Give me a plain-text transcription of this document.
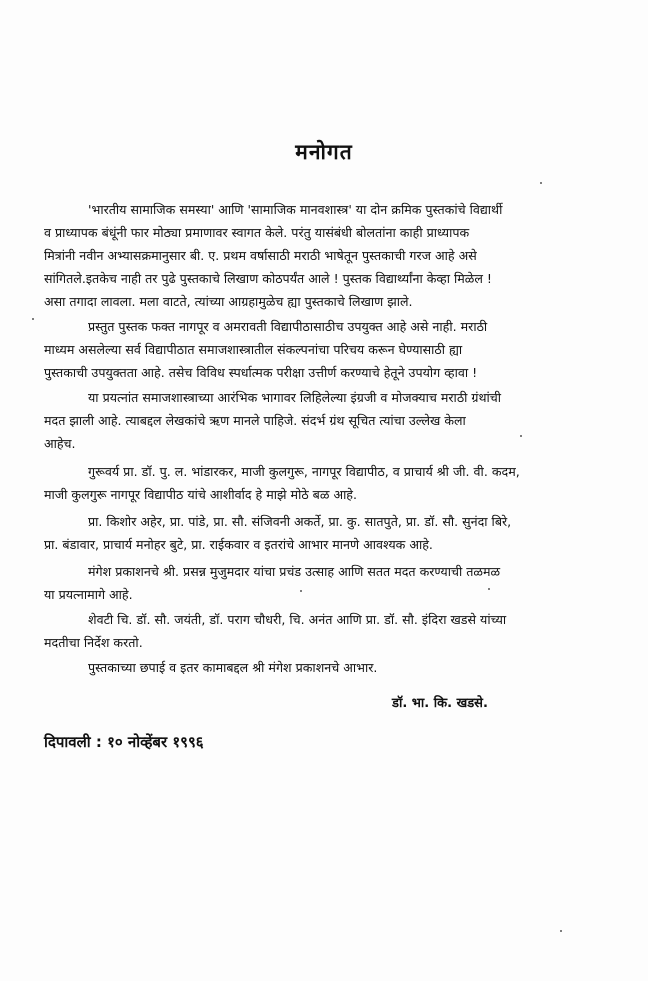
मनोगत
'भारतीय सामाजिक समस्या' आणि 'सामाजिक मानवशास्त्र' या दोन क्रमिक पुस्तकांचे विद्यार्थी
व प्राध्यापक बंधूंनी फार मोठ्या प्रमाणावर स्वागत केले. परंतु यासंबंधी बोलतांना काही प्राध्यापक
मित्रांनी नवीन अभ्यासक्रमानुसार बी. ए. प्रथम वर्षासाठी मराठी भाषेतून पुस्तकाची गरज आहे असे
सांगितले.इतकेच नाही तर पुढे पुस्तकाचे लिखाण कोठपर्यंत आले ! पुस्तक विद्यार्थ्यांना केव्हा मिळेल !
असा तगादा लावला. मला वाटते, त्यांच्या आग्रहामुळेच ह्या पुस्तकाचे लिखाण झाले.
प्रस्तुत पुस्तक फक्त नागपूर व अमरावती विद्यापीठासाठीच उपयुक्त आहे असे नाही. मराठी
माध्यम असलेल्या सर्व विद्यापीठात समाजशास्त्रातील संकल्पनांचा परिचय करून घेण्यासाठी ह्या
पुस्तकाची उपयुक्तता आहे. तसेच विविध स्पर्धात्मक परीक्षा उत्तीर्ण करण्याचे हेतूने उपयोग व्हावा !
या प्रयत्नांत समाजशास्त्राच्या आरंभिक भागावर लिहिलेल्या इंग्रजी व मोजक्याच मराठी ग्रंथांची
मदत झाली आहे. त्याबद्दल लेखकांचे ऋण मानले पाहिजे. संदर्भ ग्रंथ सूचित त्यांचा उल्लेख केला
आहेच.
गुरूवर्य प्रा. डॉ. पु. ल. भांडारकर, माजी कुलगुरू, नागपूर विद्यापीठ, व प्राचार्य श्री जी. वी. कदम,
माजी कुलगुरू नागपूर विद्यापीठ यांचे आशीर्वाद हे माझे मोठे बळ आहे.
प्रा. किशोर अहेर, प्रा. पांडे, प्रा. सौ. संजिवनी अकर्ते, प्रा. कु. सातपुते, प्रा. डॉ. सौ. सुनंदा बिरे,
प्रा. बंडावार, प्राचार्य मनोहर बुटे, प्रा. राईकवार व इतरांचे आभार मानणे आवश्यक आहे.
मंगेश प्रकाशनचे श्री. प्रसन्न मुजुमदार यांचा प्रचंड उत्साह आणि सतत मदत करण्याची तळमळ
या प्रयत्नामागे आहे.
शेवटी चि. डॉ. सौ. जयंती, डॉ. पराग चौधरी, चि. अनंत आणि प्रा. डॉ. सौ. इंदिरा खडसे यांच्या
मदतीचा निर्देश करतो.
पुस्तकाच्या छपाई व इतर कामाबद्दल श्री मंगेश प्रकाशनचे आभार.
डॉ. भा. कि. खडसे.
दिपावली : १० नोव्हेंबर १९९६
